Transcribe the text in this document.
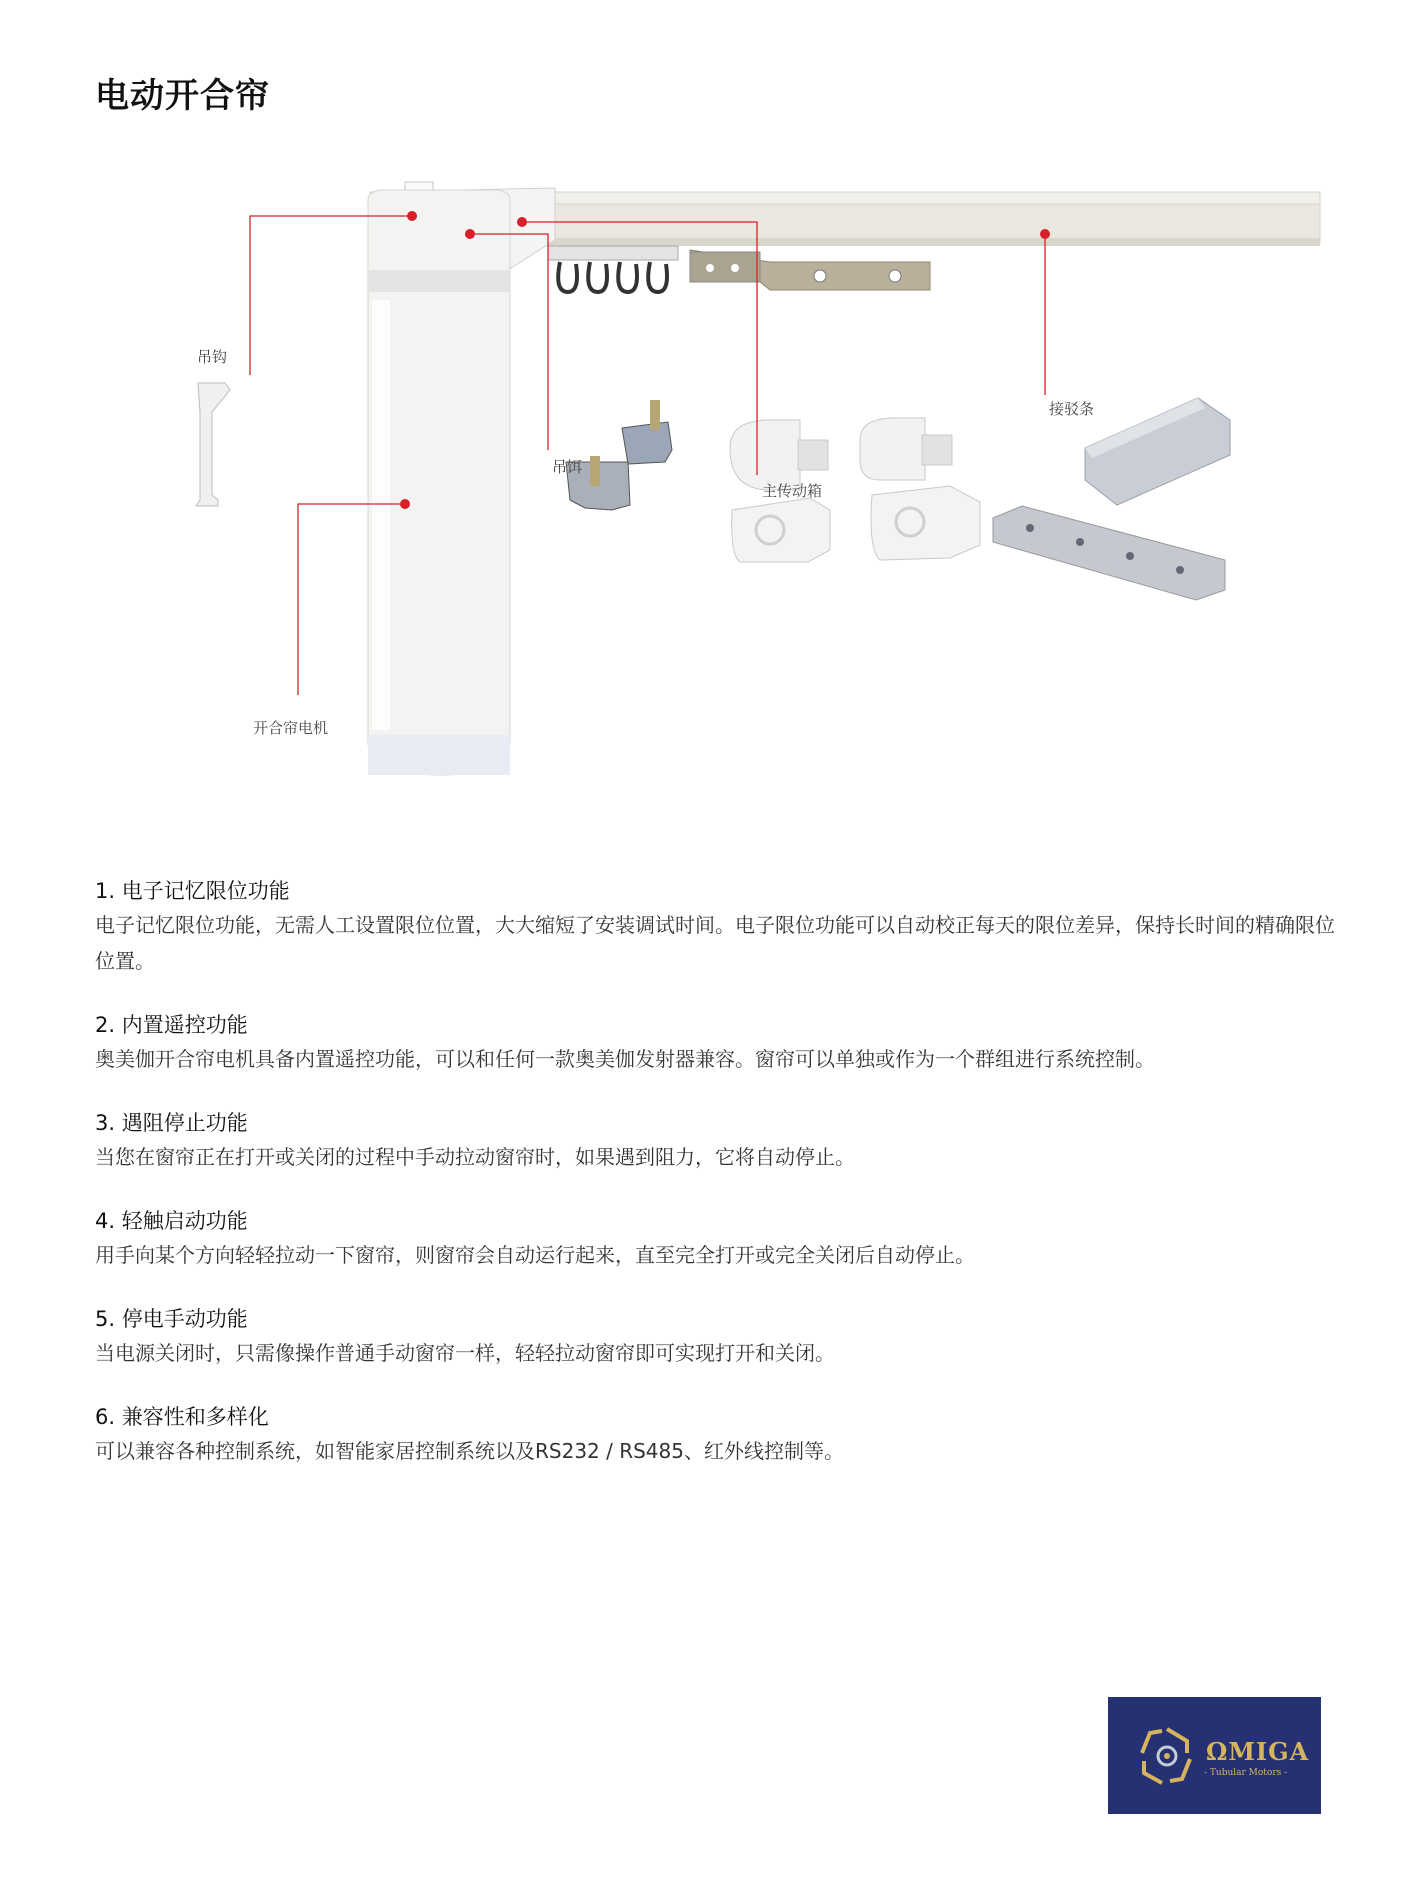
电动开合帘
吊钩
开合帘电机
吊饵
主传动箱
接驳条
1. 电子记忆限位功能
电子记忆限位功能，无需人工设置限位位置，大大缩短了安装调试时间。电子限位功能可以自动校正每天的限位差异，保持长时间的精确限位位置。
2. 内置遥控功能
奥美伽开合帘电机具备内置遥控功能，可以和任何一款奥美伽发射器兼容。窗帘可以单独或作为一个群组进行系统控制。
3. 遇阻停止功能
当您在窗帘正在打开或关闭的过程中手动拉动窗帘时，如果遇到阻力，它将自动停止。
4. 轻触启动功能
用手向某个方向轻轻拉动一下窗帘，则窗帘会自动运行起来，直至完全打开或完全关闭后自动停止。
5. 停电手动功能
当电源关闭时，只需像操作普通手动窗帘一样，轻轻拉动窗帘即可实现打开和关闭。
6. 兼容性和多样化
可以兼容各种控制系统，如智能家居控制系统以及RS232 / RS485、红外线控制等。
ΩMIGA
- Tubular Motors -
